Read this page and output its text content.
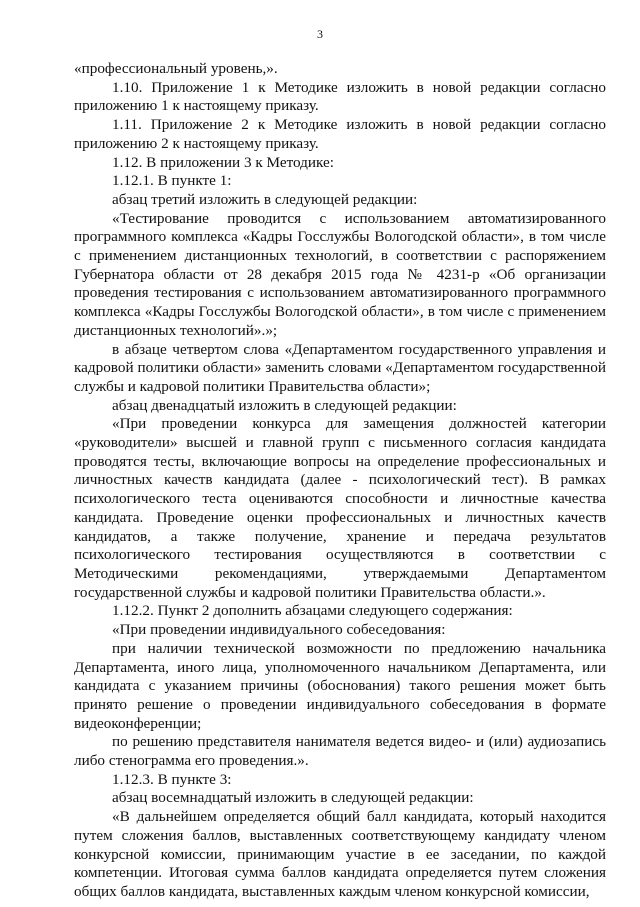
3

«профессиональный уровень,».

1.10. Приложение 1 к Методике изложить в новой редакции согласно приложению 1 к настоящему приказу.

1.11. Приложение 2 к Методике изложить в новой редакции согласно приложению 2 к настоящему приказу.

1.12. В приложении 3 к Методике:

1.12.1. В пункте 1:

абзац третий изложить в следующей редакции:

«Тестирование проводится с использованием автоматизированного программного комплекса «Кадры Госслужбы Вологодской области», в том числе с применением дистанционных технологий, в соответствии с распоряжением Губернатора области от 28 декабря 2015 года № 4231-р «Об организации проведения тестирования с использованием автоматизированного программного комплекса «Кадры Госслужбы Вологодской области», в том числе с применением дистанционных технологий».»;

в абзаце четвертом слова «Департаментом государственного управления и кадровой политики области» заменить словами «Департаментом государственной службы и кадровой политики Правительства области»;

абзац двенадцатый изложить в следующей редакции:

«При проведении конкурса для замещения должностей категории «руководители» высшей и главной групп с письменного согласия кандидата проводятся тесты, включающие вопросы на определение профессиональных и личностных качеств кандидата (далее - психологический тест). В рамках психологического теста оцениваются способности и личностные качества кандидата. Проведение оценки профессиональных и личностных качеств кандидатов, а также получение, хранение и передача результатов психологического тестирования осуществляются в соответствии с Методическими рекомендациями, утверждаемыми Департаментом государственной службы и кадровой политики Правительства области.».

1.12.2. Пункт 2 дополнить абзацами следующего содержания:

«При проведении индивидуального собеседования:

при наличии технической возможности по предложению начальника Департамента, иного лица, уполномоченного начальником Департамента, или кандидата с указанием причины (обоснования) такого решения может быть принято решение о проведении индивидуального собеседования в формате видеоконференции;

по решению представителя нанимателя ведется видео- и (или) аудиозапись либо стенограмма его проведения.».

1.12.3. В пункте 3:

абзац восемнадцатый изложить в следующей редакции:

«В дальнейшем определяется общий балл кандидата, который находится путем сложения баллов, выставленных соответствующему кандидату членом конкурсной комиссии, принимающим участие в ее заседании, по каждой компетенции. Итоговая сумма баллов кандидата определяется путем сложения общих баллов кандидата, выставленных каждым членом конкурсной комиссии,
